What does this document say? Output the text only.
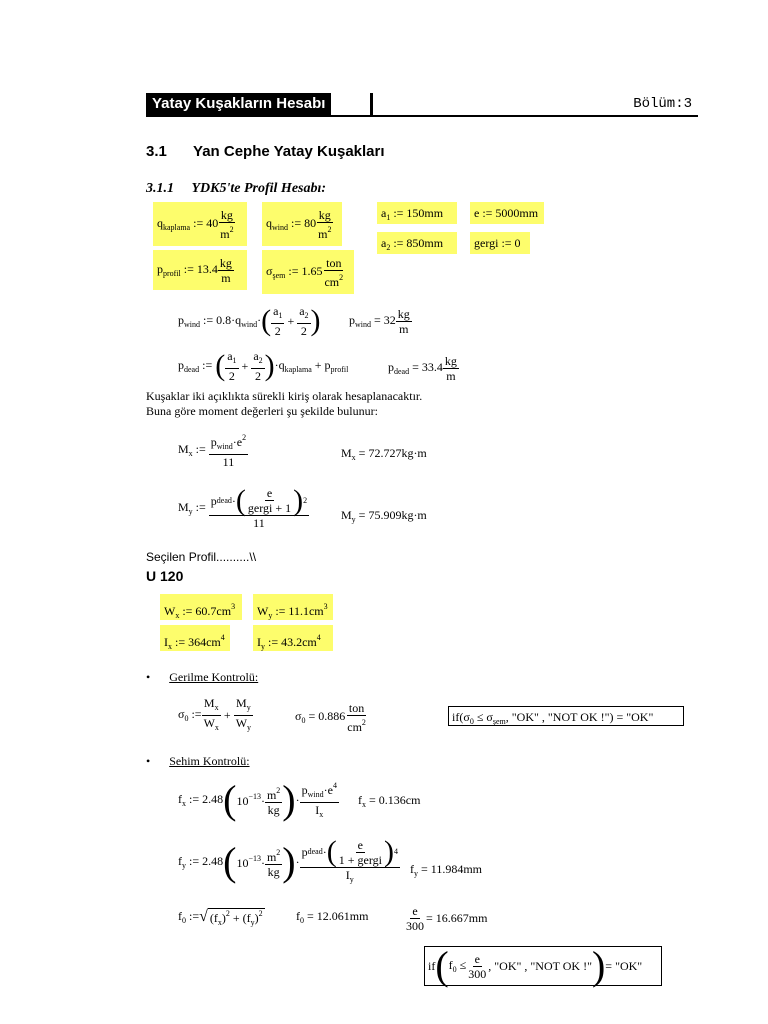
Yatay Kuşakların Hesabı	Bölüm:3
3.1 Yan Cephe Yatay Kuşakları
3.1.1 YDK5'te Profil Hesabı:
$q_{kaplama}$ := $40 \frac{kg}{m^2}$	$q_{wind}$ := $80 \frac{kg}{m^2}$	$a_1$ := 150mm
$a_2$ := 850mm
e := 5000mm
gergi := 0
$p_{profil}$ := $13.4 \frac{kg}{m}$	$\sigma_{şem}$ := $1.65 \frac{\text{ton}}{cm^2}$
$p_{wind}$ := $0.8\cdot q_{wind}\cdot$ ( $\frac{a_1}{2} + \frac{a_2}{2}$ ) $p_{wind} = 32 \frac{kg}{m}$
$p_{dead}$ := ( $\frac{a_1}{2} + \frac{a_2}{2}$ ) $\cdot q_{kaplama} + p_{profil}$	$p_{dead} = 33.4 \frac{kg}{m}$
Kuşaklar iki açıklıkta sürekli kiriş olarak hesaplanacaktır.
Buna göre moment değerleri şu şekilde bulunur:
$M_x$ := $\frac{p_{wind}\cdot e^2}{11}$	$M_x = 72.727kg\cdot m$
$M_y$ := $\frac{p dead \cdot ( \frac{e}{\text{gergi + 1}} ) 2}{11}$	$M_y = 75.909kg\cdot m$
Seçilen Profil..........\\
U 120
$W_x$ := $60.7cm^3$	$W_y$ := $11.1cm^3$
$I_x$ := $364cm^4$	$I_y$ := $43.2cm^4$
• Gerilme Kontrolü:
$\sigma_0$ := $\frac{M_x}{W_x} + \frac{M_y}{W_y}$	$\sigma_0 = 0.886 \frac{\text{ton}}{cm^2}$	$if(\sigma_0 \le \sigma_{şem}$, "OK" , "NOT OK !") = "OK"
• Sehim Kontrolü:
$f_x$ := 2.48 ( $10^{-13}\cdot \frac{m^2}{kg}$ ) · $\frac{p_{wind}\cdot e^4}{I_x} f_x = 0.136cm$
$f_y$ := 2.48 ( $10^{-13}\cdot \frac{m^2}{kg}$ ) · $\frac{p dead \cdot ( \frac{e}{\text{1 + gergi}} ) 4}{I_y} f_y = 11.984mm$
$f_0$ := √ $(f_x)^2 + (f_y)^2$	$f_0 = 12.061mm$	$\frac{e}{300} = 16.667mm$
if ( $f_0 \le \frac{e}{300}$ , "OK" , "NOT OK !" ) = "OK"
